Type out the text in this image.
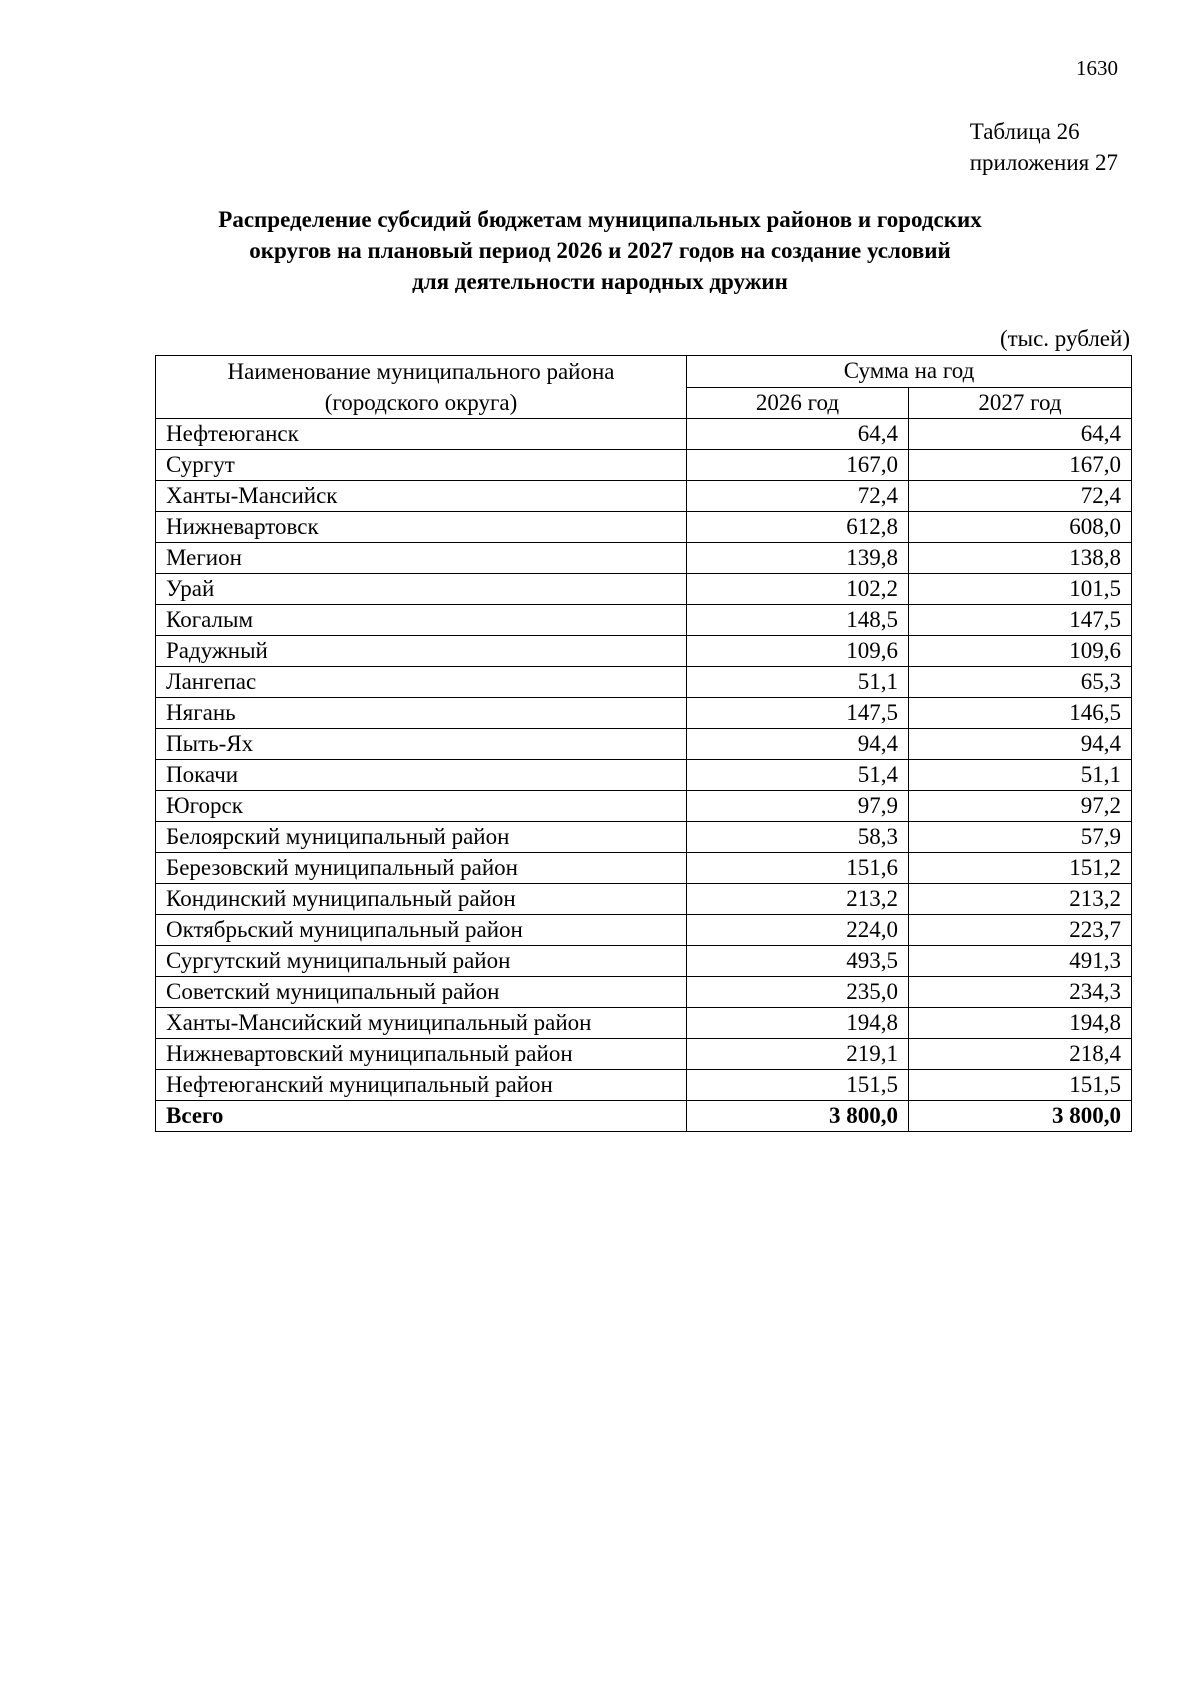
1630
Таблица 26
приложения 27
Распределение субсидий бюджетам муниципальных районов и городских
округов на плановый период 2026 и 2027 годов на создание условий
для деятельности народных дружин
(тыс. рублей)
Наименование муниципального района
(городского округа)	Сумма на год	
	2026 год	2027 год
Нефтеюганск	64,4	64,4
Сургут	167,0	167,0
Ханты-Мансийск	72,4	72,4
Нижневартовск	612,8	608,0
Мегион	139,8	138,8
Урай	102,2	101,5
Когалым	148,5	147,5
Радужный	109,6	109,6
Лангепас	51,1	65,3
Нягань	147,5	146,5
Пыть-Ях	94,4	94,4
Покачи	51,4	51,1
Югорск	97,9	97,2
Белоярский муниципальный район	58,3	57,9
Березовский муниципальный район	151,6	151,2
Кондинский муниципальный район	213,2	213,2
Октябрьский муниципальный район	224,0	223,7
Сургутский муниципальный район	493,5	491,3
Советский муниципальный район	235,0	234,3
Ханты-Мансийский муниципальный район	194,8	194,8
Нижневартовский муниципальный район	219,1	218,4
Нефтеюганский муниципальный район	151,5	151,5
Всего	3 800,0	3 800,0
